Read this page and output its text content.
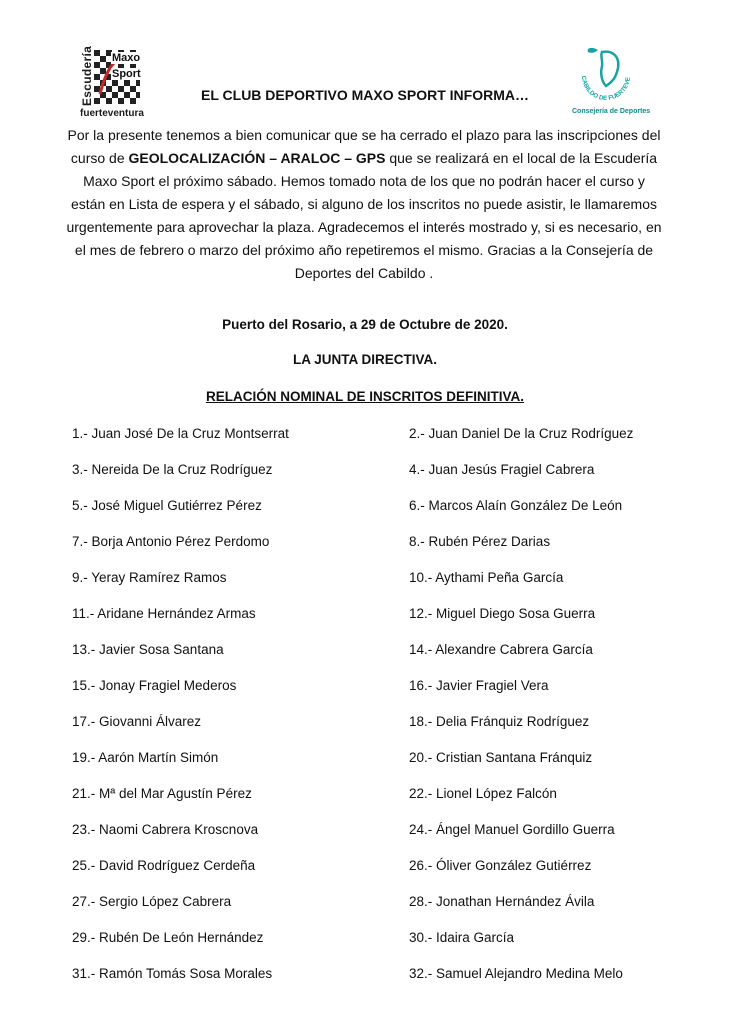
Escudería Maxo
Sport
fuerteventura
CABILDO DE FUERTEVE
Consejería de Deportes
EL CLUB DEPORTIVO MAXO SPORT INFORMA…
Por la presente tenemos a bien comunicar que se ha cerrado el plazo para las inscripciones del curso de GEOLOCALIZACIÓN – ARALOC – GPS que se realizará en el local de la Escudería Maxo Sport el próximo sábado. Hemos tomado nota de los que no podrán hacer el curso y están en Lista de espera y el sábado, si alguno de los inscritos no puede asistir, le llamaremos urgentemente para aprovechar la plaza. Agradecemos el interés mostrado y, si es necesario, en el mes de febrero o marzo del próximo año repetiremos el mismo. Gracias a la Consejería de Deportes del Cabildo .
Puerto del Rosario, a 29 de Octubre de 2020.
LA JUNTA DIRECTIVA.
RELACIÓN NOMINAL DE INSCRITOS DEFINITIVA.
1.- Juan José De la Cruz Montserrat	2.- Juan Daniel De la Cruz Rodríguez
3.- Nereida De la Cruz Rodríguez	4.- Juan Jesús Fragiel Cabrera
5.- José Miguel Gutiérrez Pérez	6.- Marcos Alaín González De León
7.- Borja Antonio Pérez Perdomo	8.- Rubén Pérez Darias
9.- Yeray Ramírez Ramos	10.- Aythami Peña García
11.- Aridane Hernández Armas	12.- Miguel Diego Sosa Guerra
13.- Javier Sosa Santana	14.- Alexandre Cabrera García
15.- Jonay Fragiel Mederos	16.- Javier Fragiel Vera
17.- Giovanni Álvarez	18.- Delia Fránquiz Rodríguez
19.- Aarón Martín Simón	20.- Cristian Santana Fránquiz
21.- Mª del Mar Agustín Pérez	22.- Lionel López Falcón
23.- Naomi Cabrera Kroscnova	24.- Ángel Manuel Gordillo Guerra
25.- David Rodríguez Cerdeña	26.- Óliver González Gutiérrez
27.- Sergio López Cabrera	28.- Jonathan Hernández Ávila
29.- Rubén De León Hernández	30.- Idaira García
31.- Ramón Tomás Sosa Morales	32.- Samuel Alejandro Medina Melo
